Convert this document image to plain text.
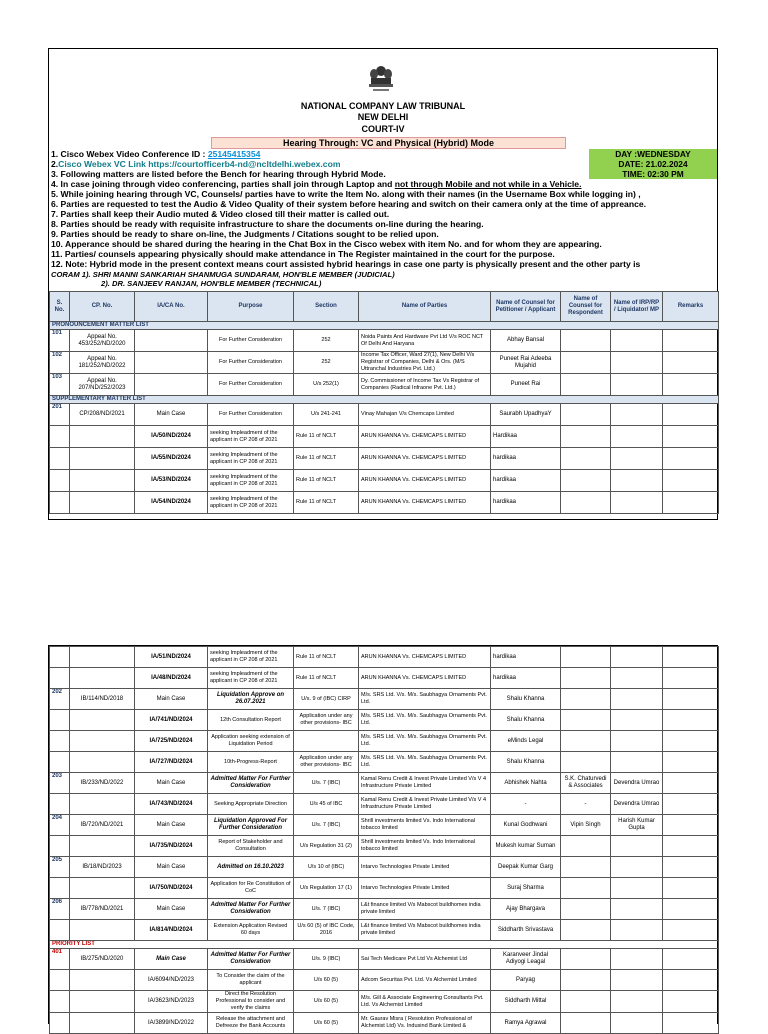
NATIONAL COMPANY LAW TRIBUNAL
NEW DELHI
COURT-IV
Hearing Through: VC and Physical (Hybrid) Mode
1. Cisco Webex Video Conference ID : 25145415354
2.Cisco Webex VC Link https://courtofficerb4-nd@ncltdelhi.webex.com
DAY :WEDNESDAY
DATE: 21.02.2024
TIME: 02:30 PM
3. Following matters are listed before the Bench for hearing through Hybrid Mode.
4. In case joining through video conferencing, parties shall join through Laptop and not through Mobile and not while in a Vehicle.
5. While joining hearing through VC, Counsels/ parties have to write the Item No. along with their names (in the Username Box while logging in) ,
6. Parties are requested to test the Audio & Video Quality of their system before hearing and switch on their camera only at the time of appreance.
7. Parties shall keep their Audio muted & Video closed till their matter is called out.
8. Parties should be ready with requisite infrastructure to share the documents on-line during the hearing.
9. Parties should be ready to share on-line, the Judgments / Citations sought to be relied upon.
10. Apperance should be shared during the hearing in the Chat Box in the Cisco webex with item No. and for whom they are appearing.
11. Parties/ counsels appearing physically should make attendance in The Register maintained in the court for the purpose.
12. Note: Hybrid mode in the present context means court assisted hybrid hearings in case one party is physically present and the other party is
CORAM 1). SHRI MANNI SANKARIAH SHANMUGA SUNDARAM, HON'BLE MEMBER (JUDICIAL)
2). DR. SANJEEV RANJAN, HON'BLE MEMBER (TECHNICAL)
S. No.	CP. No.	IA/CA No.	Purpose	Section	Name of Parties	Name of Counsel for Petitioner / Applicant	Name of Counsel for Respondent	Name of IRP/RP / Liquidator/ MP	Remarks
PRONOUNCEMENT MATTER LIST									
101	Appeal No. 453/252/ND/2020		For Further Consideration	252	Noida Paints And Hardware Pvt Ltd V/s ROC NCT Of Delhi And Haryana	Abhay Bansal			
102	Appeal No. 181/252/ND/2022		For Further Consideration	252	Income Tax Officer, Ward 27(1), New Delhi V/s Registrar of Companies, Delhi & Ors. (M/S Uttranchal Industries Pvt. Ltd.)	Puneet Rai Adeeba Mujahid			
103	Appeal No. 207/ND/252/2023		For Further Consideration	U/s 252(1)	Dy. Commissioner of Income Tax Vs Registrar of Companies (Radical Infraone Pvt. Ltd.)	Puneet Rai			
SUPPLEMENTARY MATTER LIST									
201	CP/208/ND/2021	Main Case	For Further Consideration	U/s 241-241	Vinay Mahajan V/s Chemcaps Limited	Saurabh UpadhyaY			
		IA/50/ND/2024	seeking Impleadment of the applicant in CP 208 of 2021	Rule 11 of NCLT	ARUN KHANNA Vs. CHEMCAPS LIMITED	Hardikaa			
		IA/55/ND/2024	seeking Impleadment of the applicant in CP 208 of 2021	Rule 11 of NCLT	ARUN KHANNA Vs. CHEMCAPS LIMITED	hardikaa			
		IA/53/ND/2024	seeking Impleadment of the applicant in CP 208 of 2021	Rule 11 of NCLT	ARUN KHANNA Vs. CHEMCAPS LIMITED	hardikaa			
		IA/54/ND/2024	seeking Impleadment of the applicant in CP 208 of 2021	Rule 11 of NCLT	ARUN KHANNA Vs. CHEMCAPS LIMITED	hardikaa			
		IA/51/ND/2024	seeking Impleadment of the applicant in CP 208 of 2021	Rule 11 of NCLT	ARUN KHANNA Vs. CHEMCAPS LIMITED	hardikaa			
		IA/48/ND/2024	seeking Impleadment of the applicant in CP 208 of 2021	Rule 11 of NCLT	ARUN KHANNA Vs. CHEMCAPS LIMITED	hardikaa			
202	IB/114/ND/2018	Main Case	Liquidation Approve on 26.07.2021	U/s. 9 of (IBC) CIRP	M/s. SRS Ltd. V/s. M/s. Saubhagya Ornaments Pvt. Ltd.	Shalu Khanna			
		IA/741/ND/2024	12th Consultation Report	Application under any other provisions- IBC	M/s. SRS Ltd. V/s. M/s. Saubhagya Ornaments Pvt. Ltd.	Shalu Khanna			
		IA/725/ND/2024	Application seeking extension of Liquidation Period		M/s. SRS Ltd. V/s. M/s. Saubhagya Ornaments Pvt. Ltd.	eMinds Legal			
		IA/727/ND/2024	10th-Progress-Report	Application under any other provisions- IBC	M/s. SRS Ltd. V/s. M/s. Saubhagya Ornaments Pvt. Ltd.	Shalu Khanna			
203	IB/233/ND/2022	Main Case	Admitted Matter For Further Consideration	U/s. 7 (IBC)	Kamal Renu Credit & Invest Private Limited V/s V 4 Infrastructure Private Limited	Abhishek Nahta	S.K. Chaturvedi & Associates	Devendra Umrao	
		IA/743/ND/2024	Seeking Appropriate Direction	U/s 45 of IBC	Kamal Renu Credit & Invest Private Limited V/s V 4 Infrastructure Private Limited	-	-	Devendra Umrao	
204	IB/720/ND/2021	Main Case	Liquidation Approved For Further Consideration	U/s. 7 (IBC)	Shrill investments limited Vs. Indo International tobacco limited	Kunal Godhwani	Vipin Singh	Harish Kumar Gupta	
		IA/735/ND/2024	Report of Stakeholder and Consultation	U/s Regulation 31 (2)	Shrill investments limited Vs. Indo International tobacco limited	Mukesh kumar Suman			
205	IB/18/ND/2023	Main Case	Admitted on 16.10.2023	U/s 10 of (IBC)	Intarvo Technologies Private Limited	Deepak Kumar Garg			
		IA/750/ND/2024	Application for Re Constitution of CoC	U/s Regulation 17 (1)	Intarvo Technologies Private Limited	Suraj Sharma			
206	IB/778/ND/2021	Main Case	Admitted Matter For Further Consideration	U/s. 7 (IBC)	L&t finance limited V/s Mabscot buildhomes india private limited	Ajay Bhargava			
		IA/814/ND/2024	Extension Application Revised 60 days	U/s 60 (5) of IBC Code, 2016	L&t finance limited V/s Mabscot buildhomes india private limited	Siddharth Srivastava			
PRIORITY LIST									
401	IB/275/ND/2020	Main Case	Admitted Matter For Further Consideration	U/s. 9 (IBC)	Sai Tech Medicare Pvt Ltd Vs Alchemist Ltd	Karanveer Jindal Adiyogi Leagal			
		IA/6094/ND/2023	To Consider the claim of the applicant	U/s 60 (5)	Adcom Securitas Pvt. Ltd. Vs Alchemist Limited	Paryag			
		IA/3623/ND/2023	Direct the Resolution Professional to consider and verify the claims	U/s 60 (5)	M/s. Gill & Associate Engineering Consultants Pvt. Ltd. Vs Alchemist Limited	Siddharth Mittal			
		IA/3899/ND/2022	Release the attachment and Defreeze the Bank Accounts	U/s 60 (5)	Mr. Gaurav Misra ( Resolution Professional of Alchemist Ltd) Vs. Indusind Bank Limited &	Ramya Agrawal			
